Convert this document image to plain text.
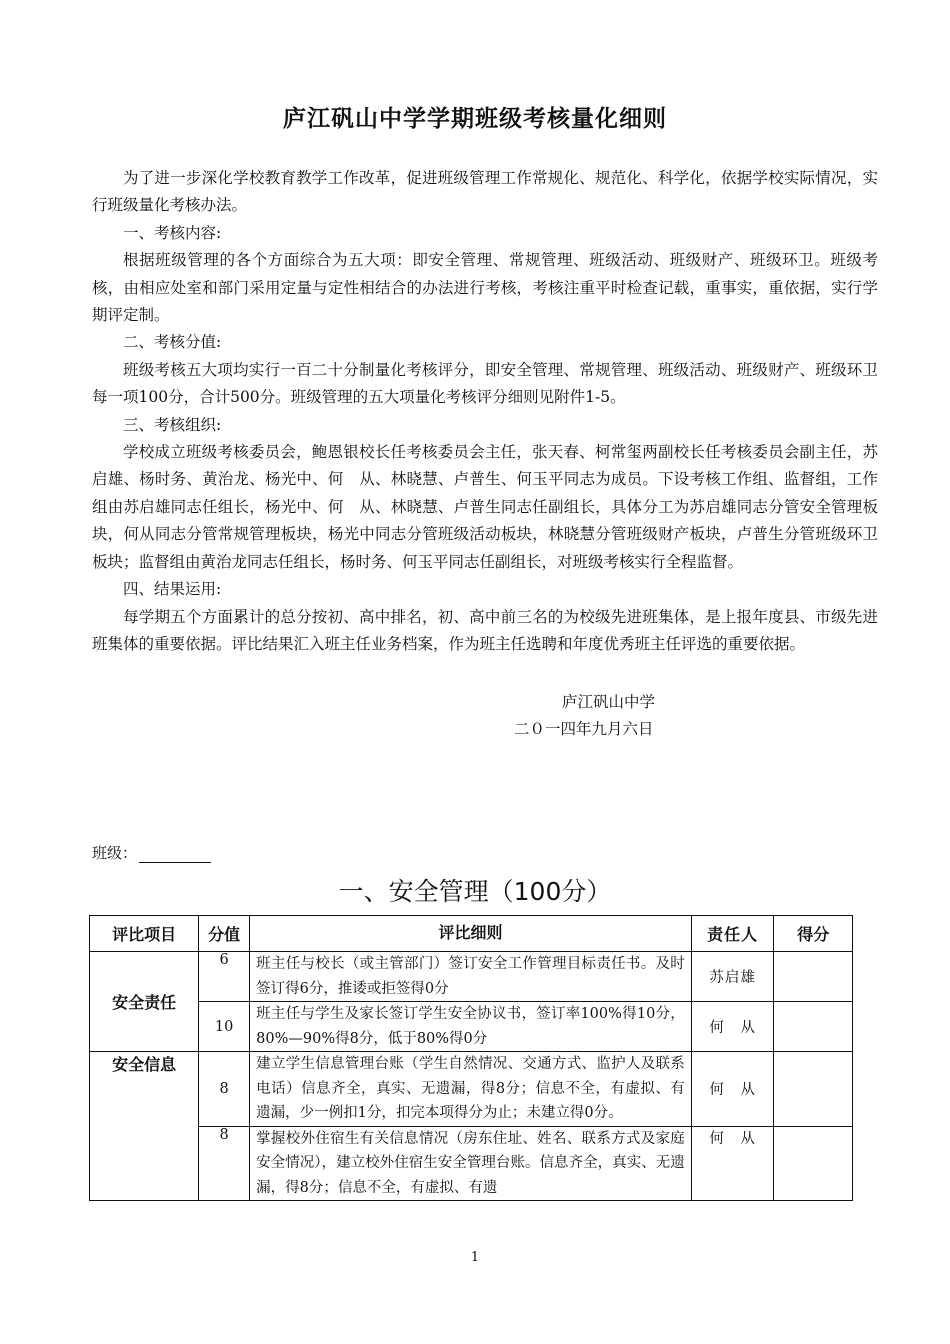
庐江矾山中学学期班级考核量化细则

为了进一步深化学校教育教学工作改革，促进班级管理工作常规化、规范化、科学化，依据学校实际情况，实行班级量化考核办法。

一、考核内容:

根据班级管理的各个方面综合为五大项：即安全管理、常规管理、班级活动、班级财产、班级环卫。班级考核，由相应处室和部门采用定量与定性相结合的办法进行考核，考核注重平时检查记载，重事实，重依据，实行学期评定制。

二、考核分值:

班级考核五大项均实行一百二十分制量化考核评分，即安全管理、常规管理、班级活动、班级财产、班级环卫每一项100分，合计500分。班级管理的五大项量化考核评分细则见附件1-5。

三、考核组织:

学校成立班级考核委员会，鲍恩银校长任考核委员会主任，张天春、柯常玺两副校长任考核委员会副主任，苏启雄、杨时务、黄治龙、杨光中、何　从、林晓慧、卢普生、何玉平同志为成员。下设考核工作组、监督组，工作组由苏启雄同志任组长，杨光中、何　从、林晓慧、卢普生同志任副组长，具体分工为苏启雄同志分管安全管理板块，何从同志分管常规管理板块，杨光中同志分管班级活动板块，林晓慧分管班级财产板块，卢普生分管班级环卫板块；监督组由黄治龙同志任组长，杨时务、何玉平同志任副组长，对班级考核实行全程监督。

四、结果运用:

每学期五个方面累计的总分按初、高中排名，初、高中前三名的为校级先进班集体，是上报年度县、市级先进班集体的重要依据。评比结果汇入班主任业务档案，作为班主任选聘和年度优秀班主任评选的重要依据。

庐江矾山中学
二０一四年九月六日
班级：
一、安全管理（100分）
评比项目	分值	评比细则	责任人	得分
安全责任	6	班主任与校长（或主管部门）签订安全工作管理目标责任书。及时签订得6分，推诿或拒签得0分	苏启雄	
	10	班主任与学生及家长签订学生安全协议书，签订率100%得10分，80%—90%得8分，低于80%得0分	何　从	
安全信息	8	建立学生信息管理台账（学生自然情况、交通方式、监护人及联系电话）信息齐全，真实、无遗漏，得8分；信息不全，有虚拟、有遗漏，少一例扣1分，扣完本项得分为止；未建立得0分。	何　从	
	8	掌握校外住宿生有关信息情况（房东住址、姓名、联系方式及家庭安全情况），建立校外住宿生安全管理台账。信息齐全，真实、无遗漏，得8分；信息不全，有虚拟、有遗	何　从	
1
